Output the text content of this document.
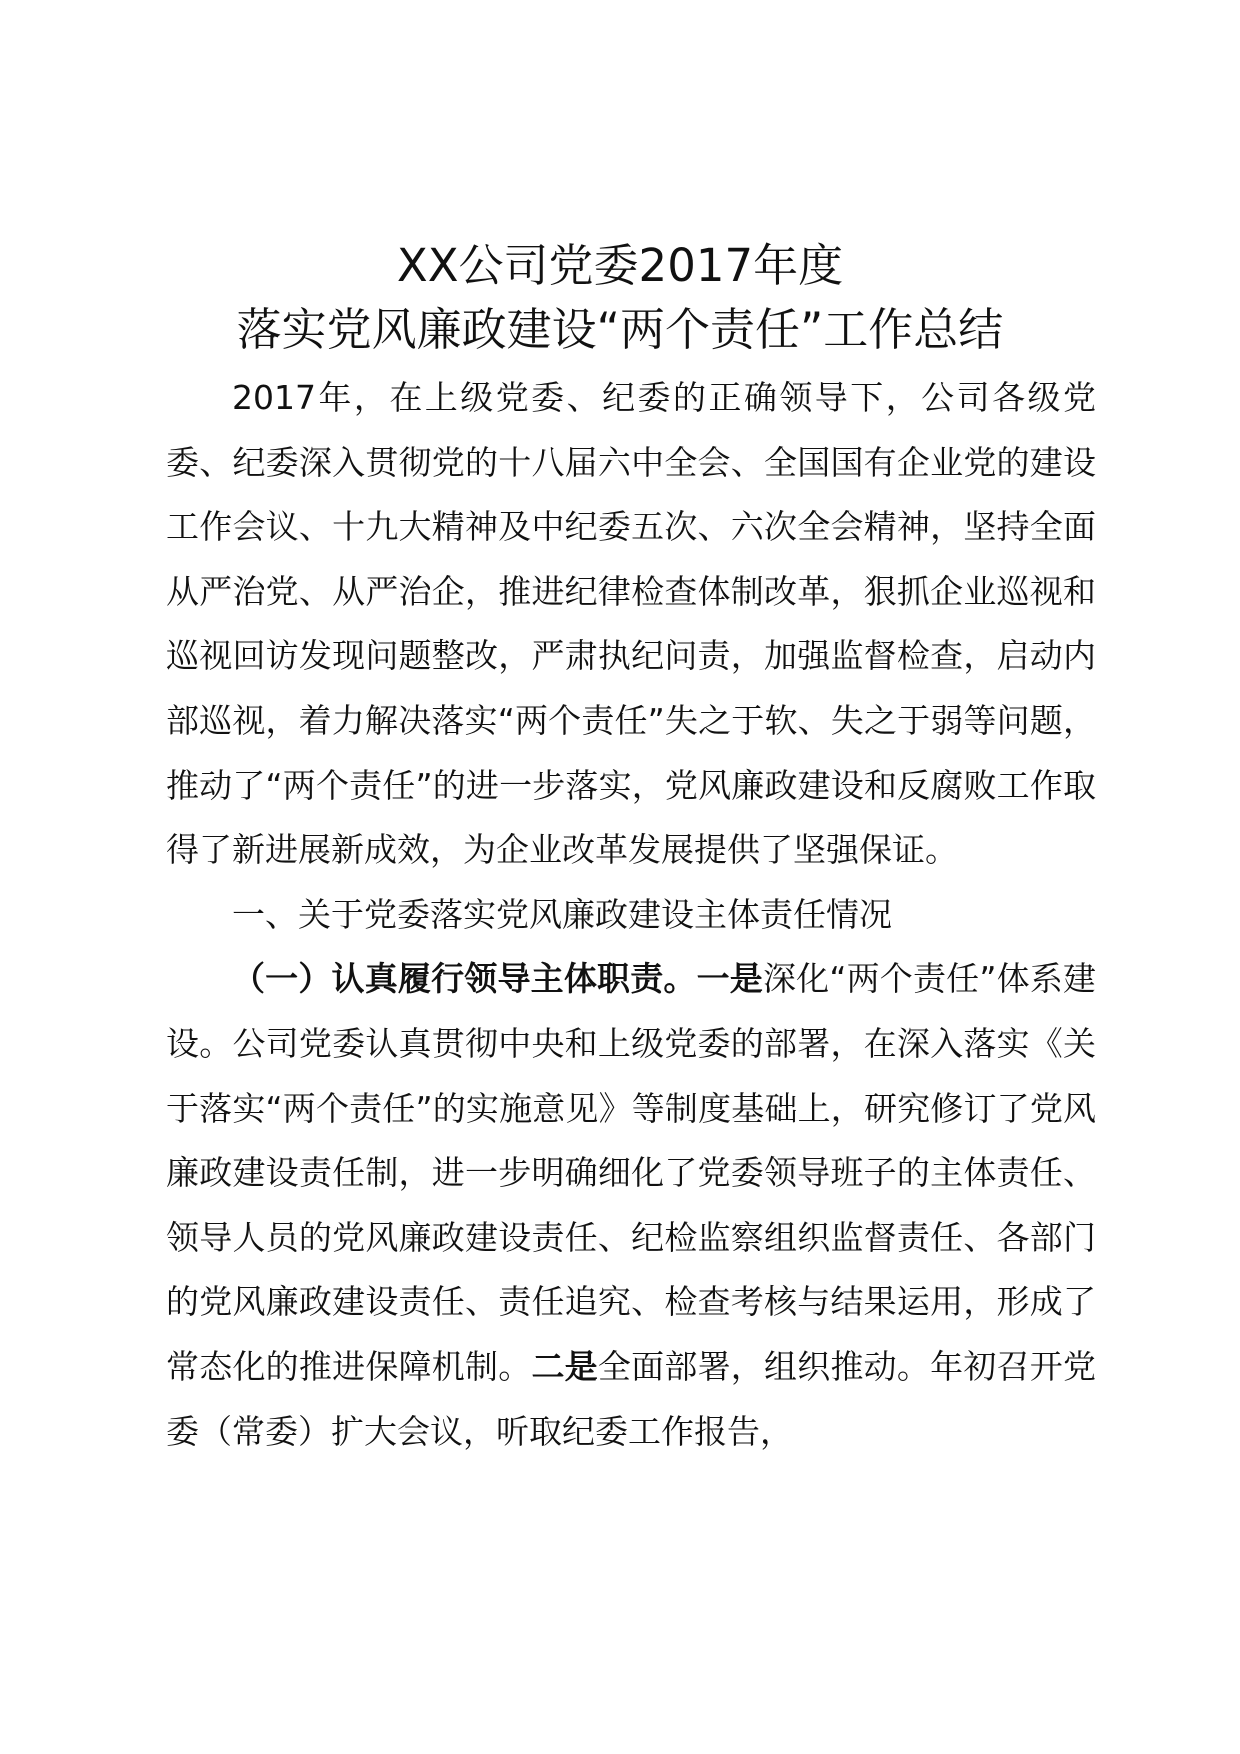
XX公司党委2017年度
落实党风廉政建设“两个责任”工作总结

2017年，在上级党委、纪委的正确领导下，公司各级党委、纪委深入贯彻党的十八届六中全会、全国国有企业党的建设工作会议、十九大精神及中纪委五次、六次全会精神，坚持全面从严治党、从严治企，推进纪律检查体制改革，狠抓企业巡视和巡视回访发现问题整改，严肃执纪问责，加强监督检查，启动内部巡视，着力解决落实“两个责任”失之于软、失之于弱等问题，推动了“两个责任”的进一步落实，党风廉政建设和反腐败工作取得了新进展新成效，为企业改革发展提供了坚强保证。

一、关于党委落实党风廉政建设主体责任情况

（一）认真履行领导主体职责。一是深化“两个责任”体系建设。公司党委认真贯彻中央和上级党委的部署，在深入落实《关于落实“两个责任”的实施意见》等制度基础上，研究修订了党风廉政建设责任制，进一步明确细化了党委领导班子的主体责任、领导人员的党风廉政建设责任、纪检监察组织监督责任、各部门的党风廉政建设责任、责任追究、检查考核与结果运用，形成了常态化的推进保障机制。二是全面部署，组织推动。年初召开党委（常委）扩大会议，听取纪委工作报告，
